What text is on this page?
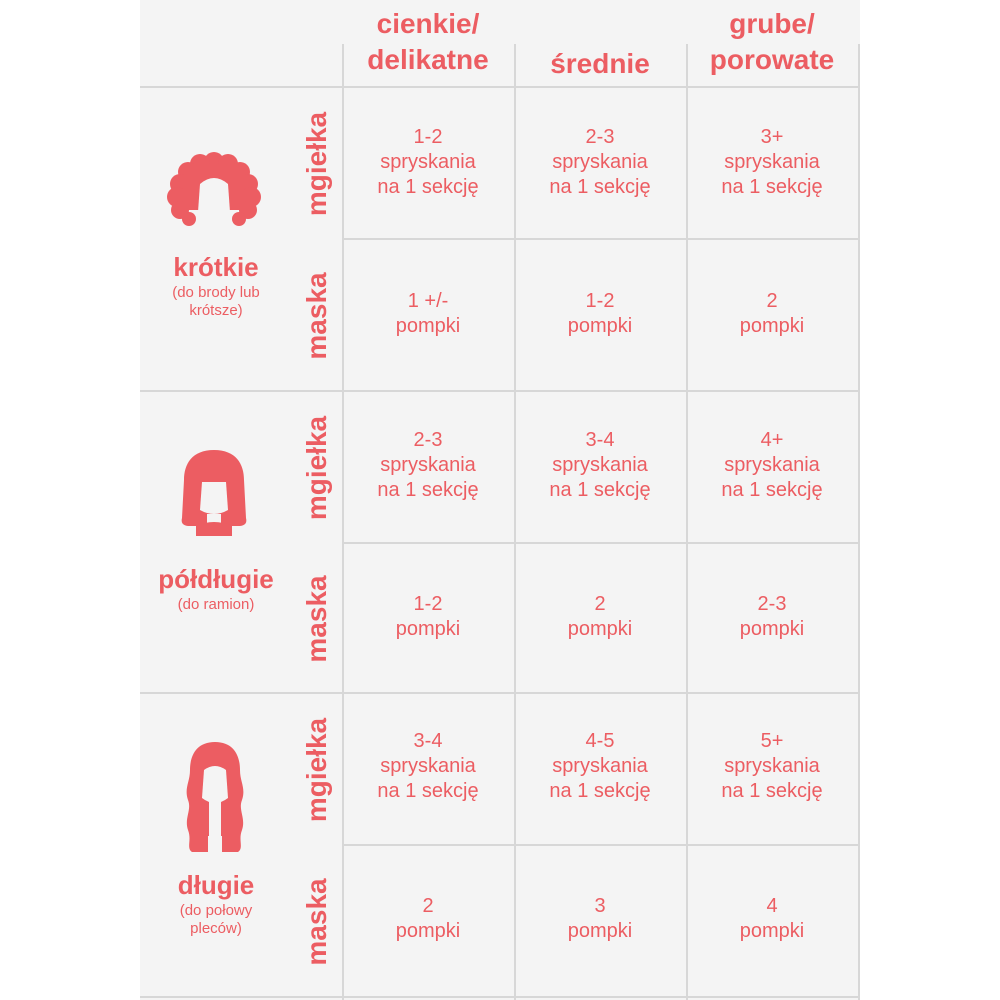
cienkie/
delikatne
	średnie
grube/
porowate
krótkie
(do brody lub
krótsze)
mgiełka
maska
1-2
spryskania
na 1 sekcję
2-3
spryskania
na 1 sekcję
3+
spryskania
na 1 sekcję
1 +/-
pompki
1-2
pompki
2
pompki
półdługie
(do ramion)
mgiełka
maska
2-3
spryskania
na 1 sekcję
3-4
spryskania
na 1 sekcję
4+
spryskania
na 1 sekcję
1-2
pompki
2
pompki
2-3
pompki
długie
(do połowy
pleców)
mgiełka
maska
3-4
spryskania
na 1 sekcję
4-5
spryskania
na 1 sekcję
5+
spryskania
na 1 sekcję
2
pompki
3
pompki
4
pompki
